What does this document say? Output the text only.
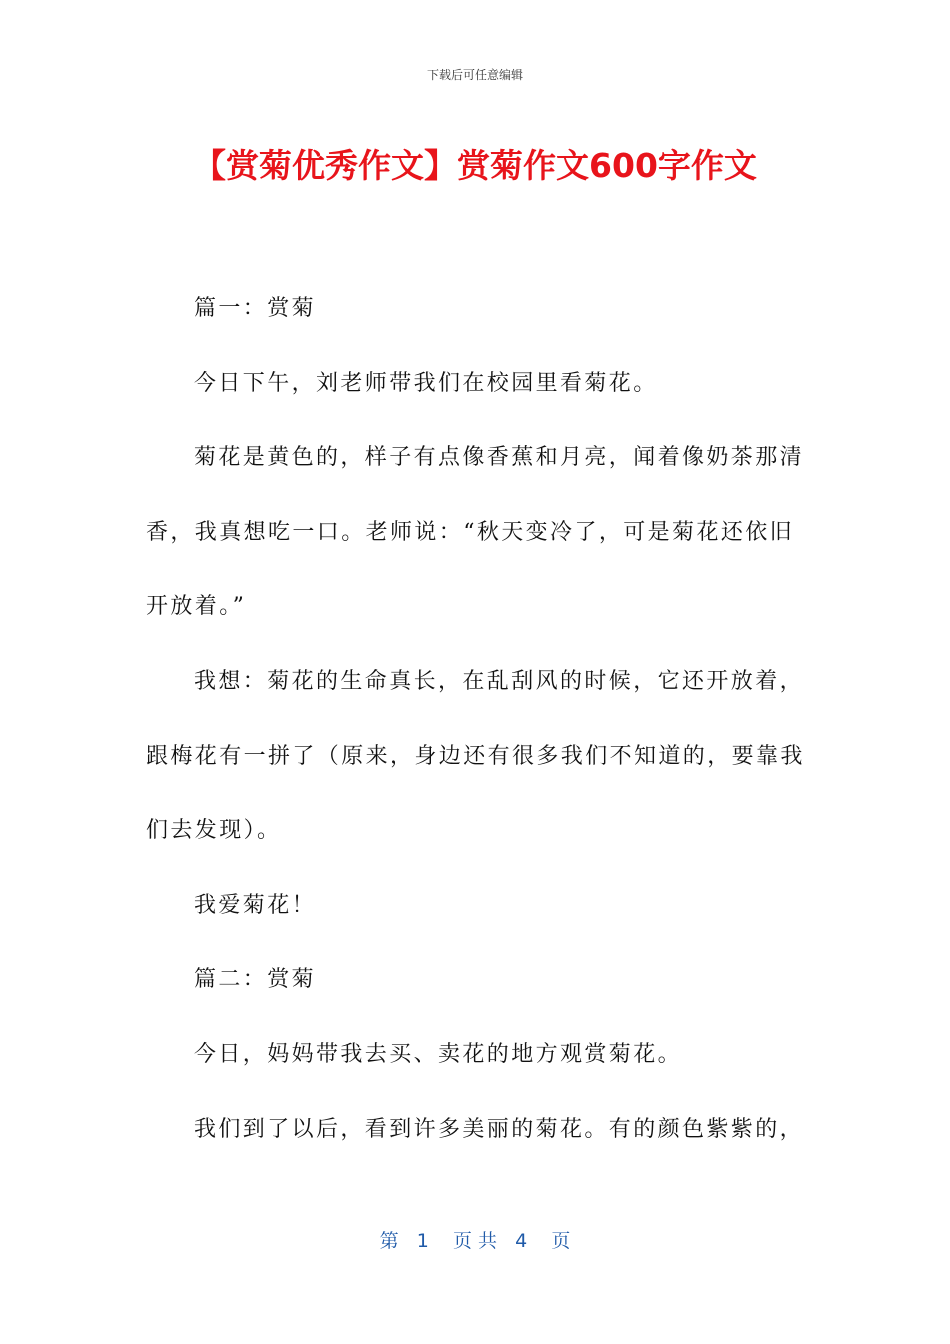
下载后可任意编辑
【赏菊优秀作文】赏菊作文600字作文

篇一：赏菊

今日下午，刘老师带我们在校园里看菊花。

菊花是黄色的，样子有点像香蕉和月亮，闻着像奶茶那清香，我真想吃一口。老师说：“秋天变冷了，可是菊花还依旧开放着。”

我想：菊花的生命真长，在乱刮风的时候，它还开放着，跟梅花有一拼了（原来，身边还有很多我们不知道的，要靠我们去发现）。

我爱菊花！

篇二：赏菊

今日，妈妈带我去买、卖花的地方观赏菊花。

我们到了以后，看到许多美丽的菊花。有的颜色紫紫的，

第   1    页 共   4    页
